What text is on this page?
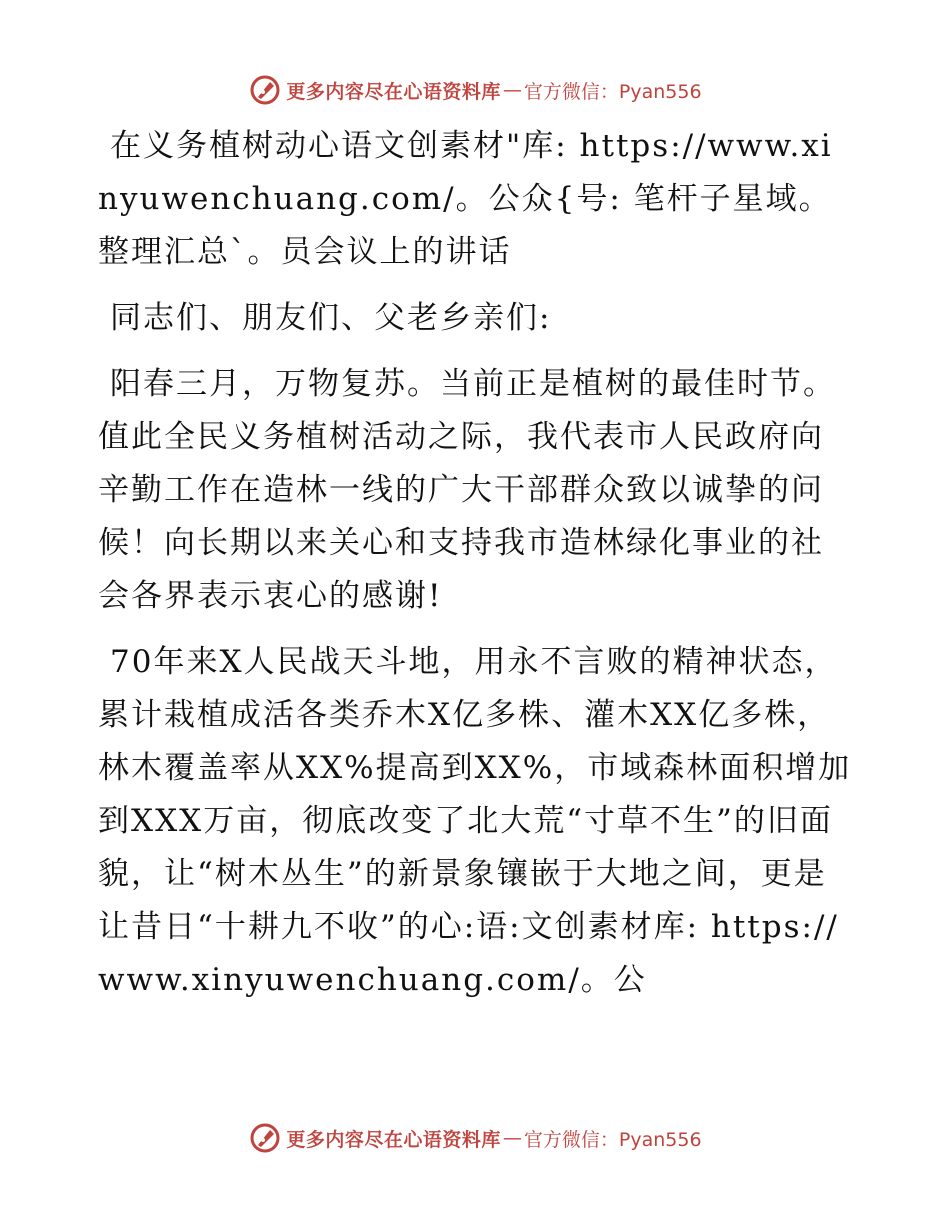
更多内容尽在心语资料库 — 官方微信：Pyan556

在义务植树动心语文创素材"库: https://www.xinyuwenchuang.com/。公众{号: 笔杆子星域。整理汇总`。员会议上的讲话

同志们、朋友们、父老乡亲们:

阳春三月，万物复苏。当前正是植树的最佳时节。值此全民义务植树活动之际，我代表市人民政府向辛勤工作在造林一线的广大干部群众致以诚挚的问候！向长期以来关心和支持我市造林绿化事业的社会各界表示衷心的感谢!

70年来X人民战天斗地，用永不言败的精神状态，累计栽植成活各类乔木X亿多株、灌木XX亿多株，林木覆盖率从XX%提高到XX%，市域森林面积增加到XXX万亩，彻底改变了北大荒“寸草不生”的旧面貌，让“树木丛生”的新景象镶嵌于大地之间，更是让昔日“十耕九不收”的心:语:文创素材库: https://www.xinyuwenchuang.com/。公

更多内容尽在心语资料库 — 官方微信：Pyan556
